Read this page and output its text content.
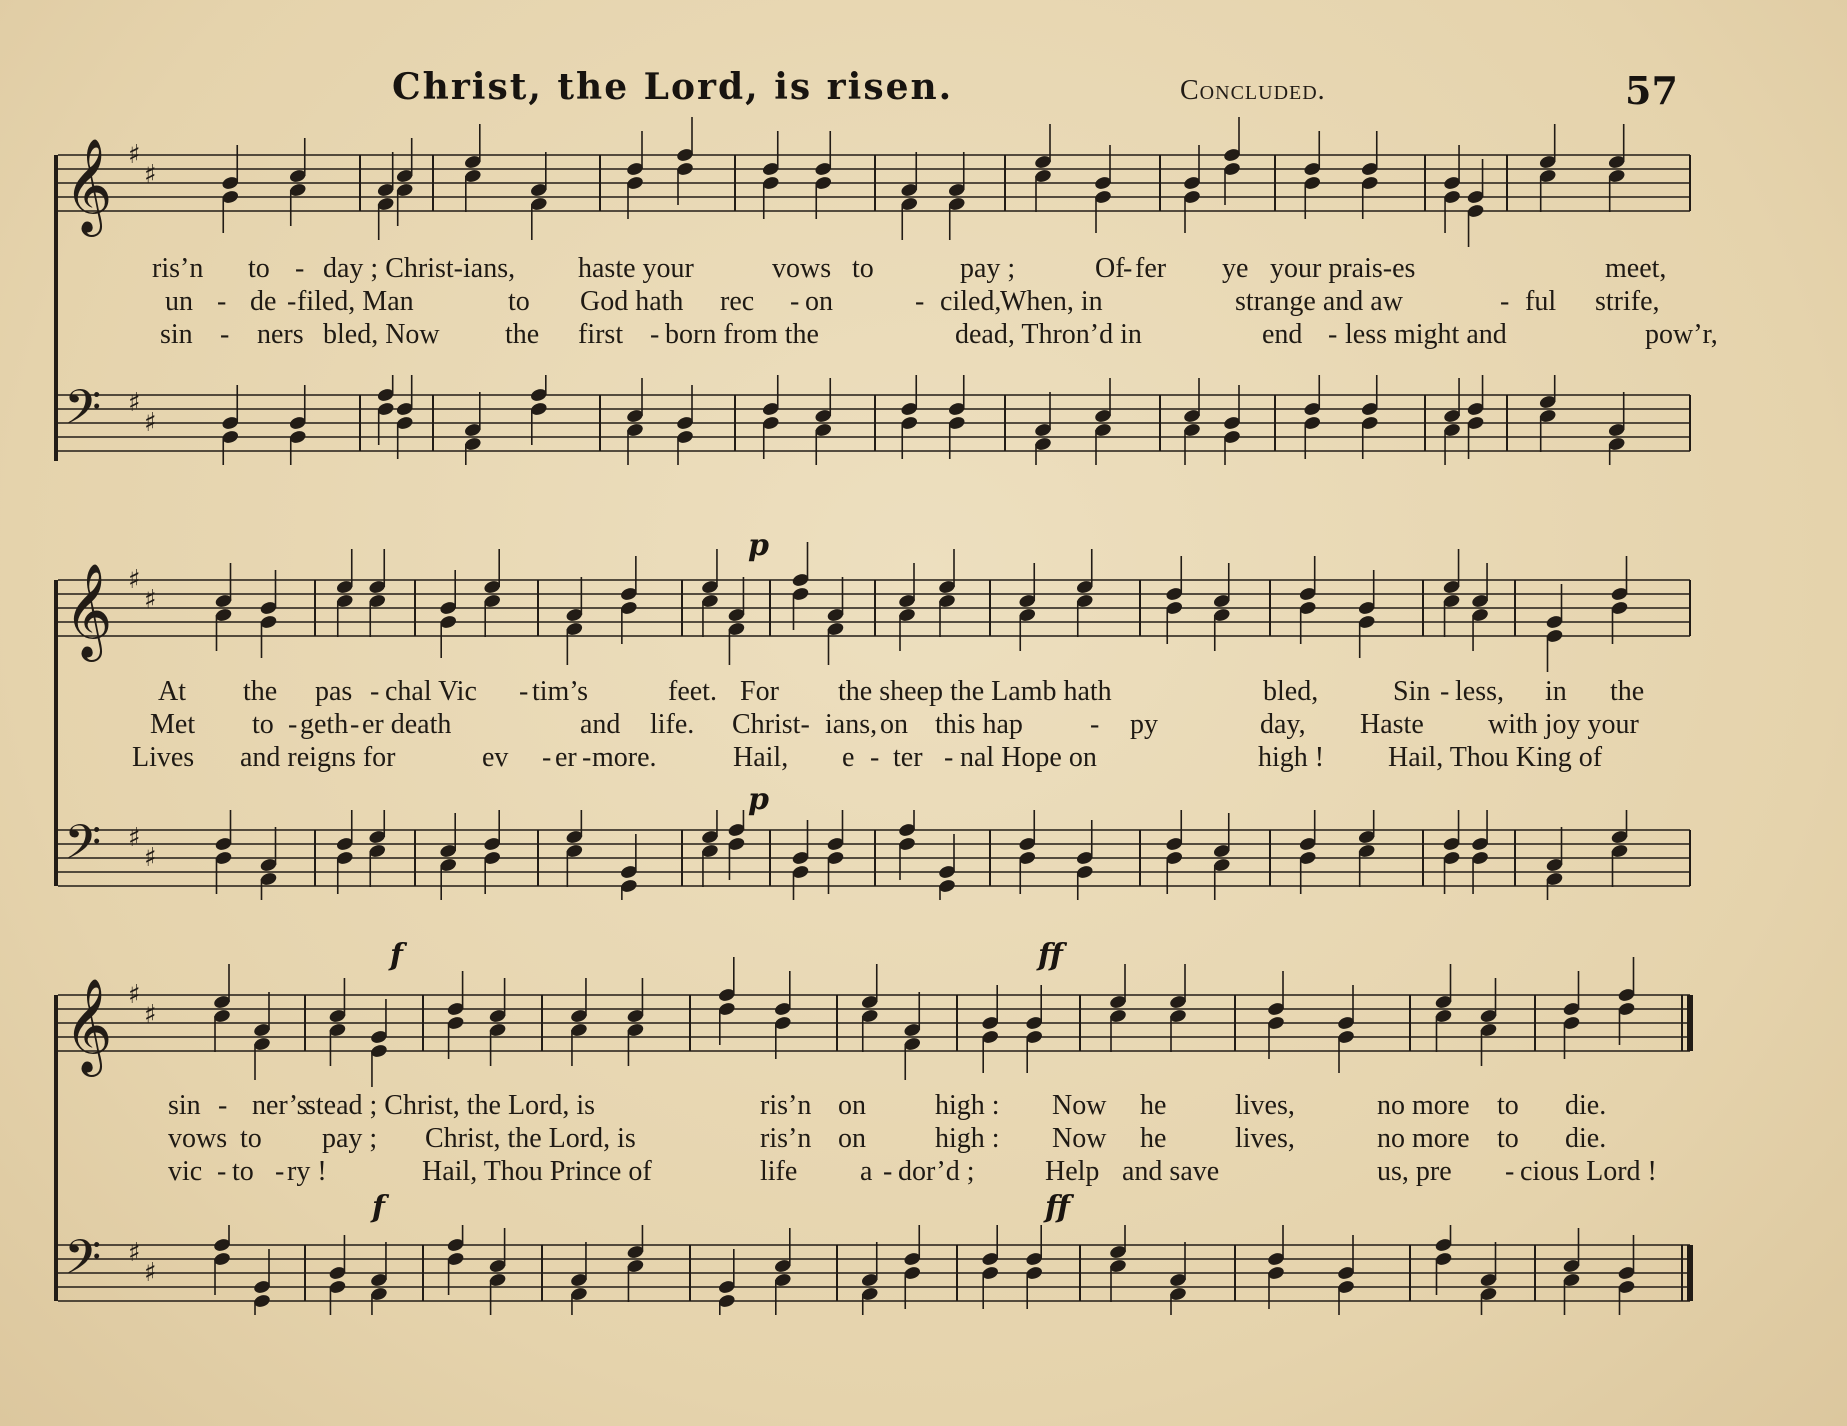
Christ, the Lord, is risen.	Concluded.	57
𝄞 ♯
♯
𝄢 ♯
♯
ris’n to - day ; Christ-ians, haste your	vows to	pay ;	Of
- fer ye your prais-es	meet,
un - de - filed, Man	to God hath rec - on	- ciled,
When, in	strange and aw	- ful strife,
sin - ners bled, Now the first - born from the	dead, Thron’d in	end - less might and	pow’r,
𝄞 ♯
♯
𝄢 ♯
♯
p
p
At the pas - chal Vic - tim’s	feet. For the sheep the Lamb hath	bled,	Sin - less, in the
Met to - geth - er death	and life. Christ- ians, on this hap - py	day, Haste with joy your
Lives and reigns for	ev - er - more.	Hail, e - ter - nal Hope on	high ! Hail, Thou King of
𝄞 ♯
♯
𝄢 ♯
♯
f	ff
f	ff
sin - ner’s
stead ; Christ, the Lord, is	ris’n on high : Now he lives,	no more to die.
vows to pay ; Christ, the Lord, is	ris’n on high : Now he lives,	no more to die.
vic - to - ry !	Hail, Thou Prince of	life a - dor’d ;	Help and save	us, pre - cious Lord !
